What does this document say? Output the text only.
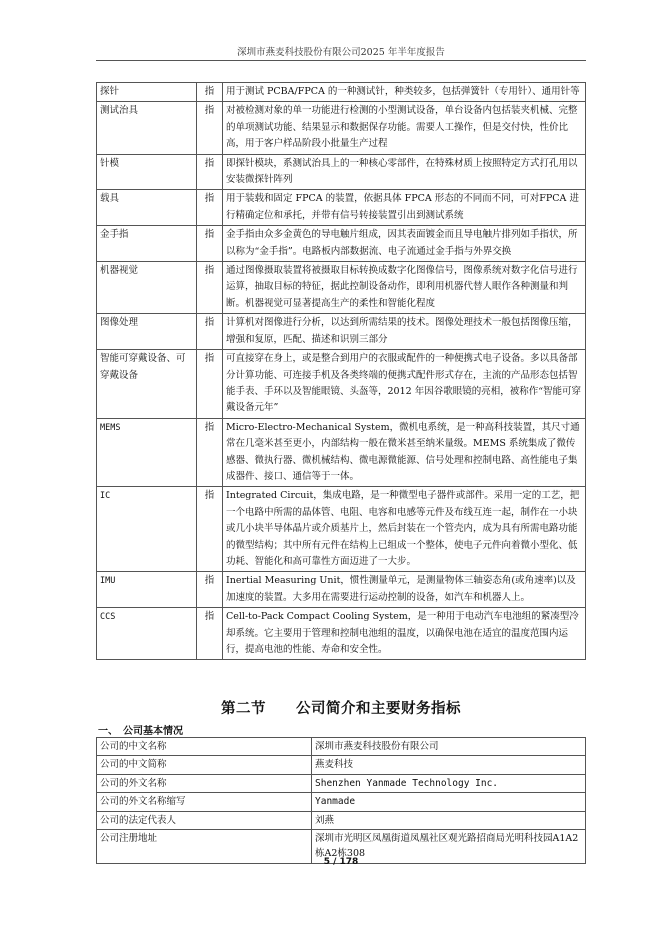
深圳市燕麦科技股份有限公司2025 年半年度报告
探针	指	用于测试 PCBA/FPCA 的一种测试针，种类较多，包括弹簧针（专用针）、通用针等
测试治具	指	对被检测对象的单一功能进行检测的小型测试设备，单台设备内包括装夹机械、完整的单项测试功能、结果显示和数据保存功能。需要人工操作，但是交付快，性价比高，用于客户样品阶段小批量生产过程
针模	指	即探针模块，系测试治具上的一种核心零部件，在特殊材质上按照特定方式打孔用以安装微探针阵列
载具	指	用于装载和固定 FPCA 的装置，依据具体 FPCA 形态的不同而不同，可对FPCA 进行精确定位和承托，并带有信号转接装置引出到测试系统
金手指	指	金手指由众多金黄色的导电触片组成，因其表面镀金而且导电触片排列如手指状，所以称为“金手指”。电路板内部数据流、电子流通过金手指与外界交换
机器视觉	指	通过图像摄取装置将被摄取目标转换成数字化图像信号，图像系统对数字化信号进行运算，抽取目标的特征，据此控制设备动作，即利用机器代替人眼作各种测量和判断。机器视觉可显著提高生产的柔性和智能化程度
图像处理	指	计算机对图像进行分析，以达到所需结果的技术。图像处理技术一般包括图像压缩，增强和复原，匹配、描述和识别三部分
智能可穿戴设备、可穿戴设备	指	可直接穿在身上，或是整合到用户的衣服或配件的一种便携式电子设备。多以具备部分计算功能、可连接手机及各类终端的便携式配件形式存在，主流的产品形态包括智能手表、手环以及智能眼镜、头盔等，2012 年因谷歌眼镜的亮相，被称作“智能可穿戴设备元年”
MEMS	指	Micro-Electro-Mechanical System，微机电系统，是一种高科技装置，其尺寸通常在几毫米甚至更小，内部结构一般在微米甚至纳米量级。MEMS 系统集成了微传感器、微执行器、微机械结构、微电源微能源、信号处理和控制电路、高性能电子集成器件、接口、通信等于一体。
IC	指	Integrated Circuit，集成电路，是一种微型电子器件或部件。采用一定的工艺，把一个电路中所需的晶体管、电阻、电容和电感等元件及布线互连一起，制作在一小块或几小块半导体晶片或介质基片上，然后封装在一个管壳内，成为具有所需电路功能的微型结构；其中所有元件在结构上已组成一个整体，使电子元件向着微小型化、低功耗、智能化和高可靠性方面迈进了一大步。
IMU	指	Inertial Measuring Unit，惯性测量单元，是测量物体三轴姿态角(或角速率)以及加速度的装置。大多用在需要进行运动控制的设备，如汽车和机器人上。
CCS	指	Cell-to-Pack Compact Cooling System，是一种用于电动汽车电池组的紧凑型冷却系统。它主要用于管理和控制电池组的温度，以确保电池在适宜的温度范围内运行，提高电池的性能、寿命和安全性。
第二节　　公司简介和主要财务指标
一、　公司基本情况
公司的中文名称	深圳市燕麦科技股份有限公司
公司的中文简称	燕麦科技
公司的外文名称	Shenzhen Yanmade Technology Inc.
公司的外文名称缩写	Yanmade
公司的法定代表人	刘燕
公司注册地址	深圳市光明区凤凰街道凤凰社区观光路招商局光明科技园A1A2栋A2栋308
5 / 178
